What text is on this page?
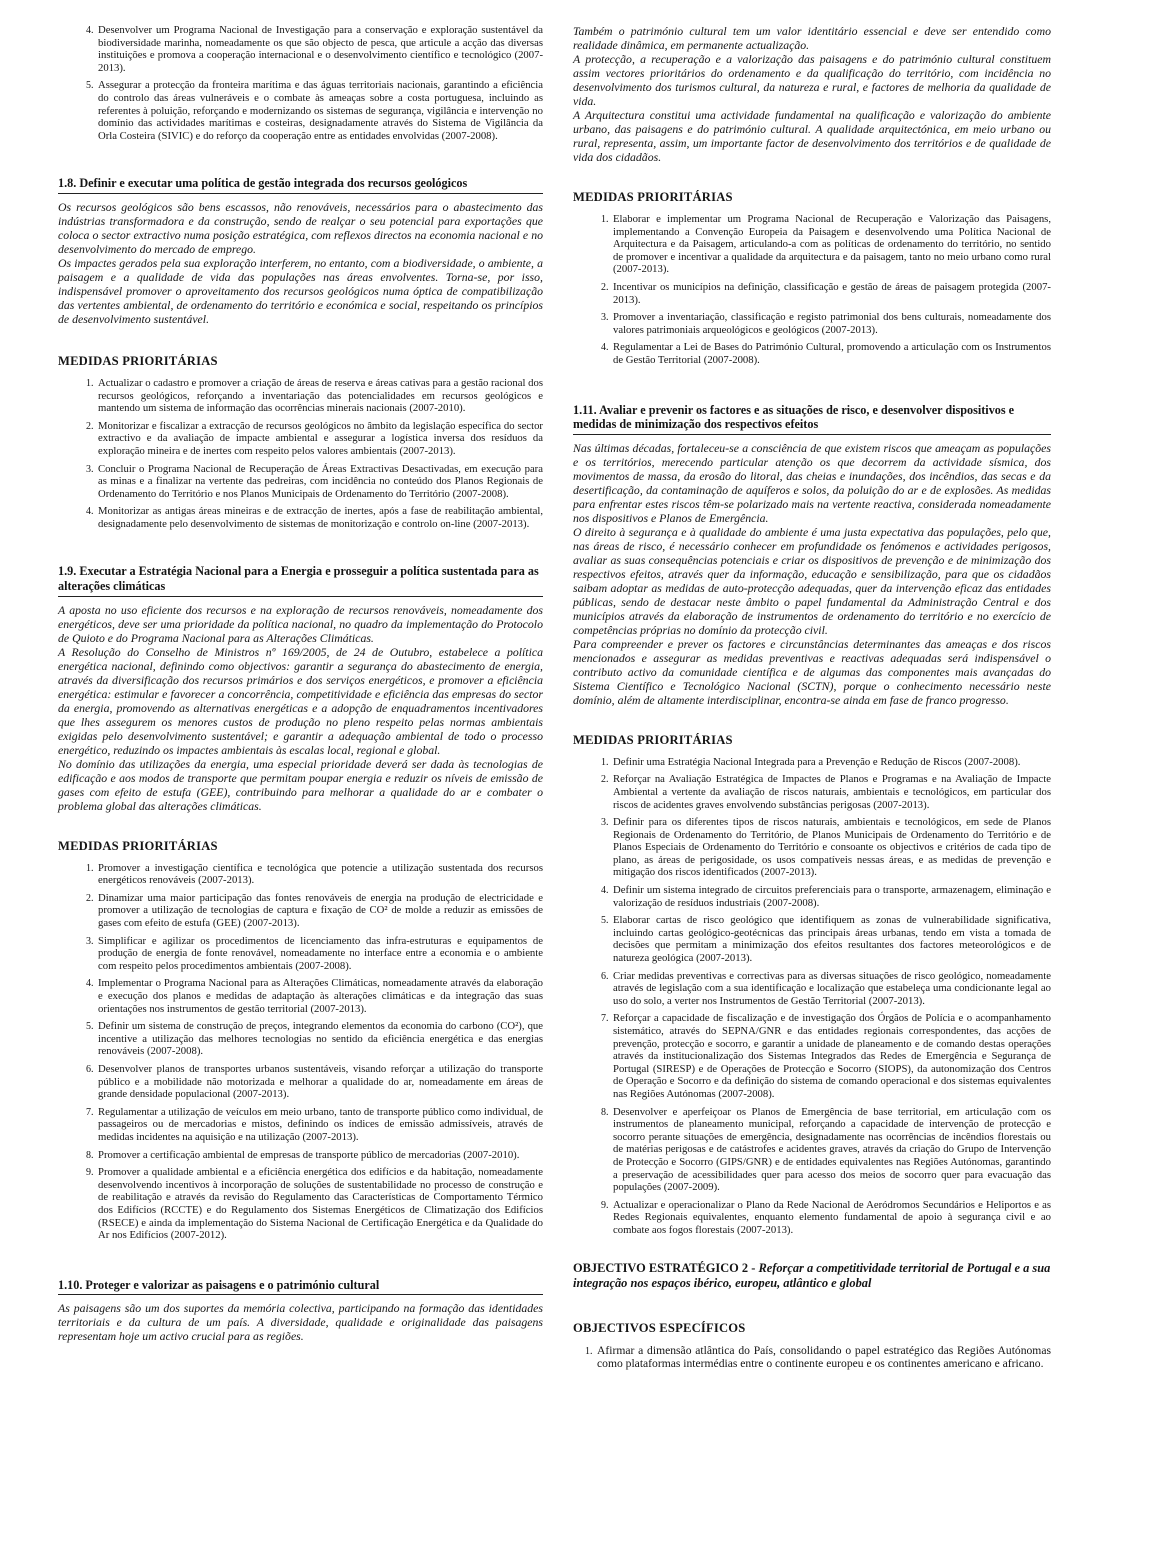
4. Desenvolver um Programa Nacional de Investigação para a conservação e exploração sustentável da biodiversidade marinha, nomeadamente os que são objecto de pesca, que articule a acção das diversas instituições e promova a cooperação internacional e o desenvolvimento científico e tecnológico (2007-2013).
5. Assegurar a protecção da fronteira marítima e das águas territoriais nacionais, garantindo a eficiência do controlo das áreas vulneráveis e o combate às ameaças sobre a costa portuguesa, incluindo as referentes à poluição, reforçando e modernizando os sistemas de segurança, vigilância e intervenção no domínio das actividades marítimas e costeiras, designadamente através do Sistema de Vigilância da Orla Costeira (SIVIC) e do reforço da cooperação entre as entidades envolvidas (2007-2008).
1.8. Definir e executar uma política de gestão integrada dos recursos geológicos

Os recursos geológicos são bens escassos, não renováveis, necessários para o abastecimento das indústrias transformadora e da construção, sendo de realçar o seu potencial para exportações que coloca o sector extractivo numa posição estratégica, com reflexos directos na economia nacional e no desenvolvimento do mercado de emprego.

Os impactes gerados pela sua exploração interferem, no entanto, com a biodiversidade, o ambiente, a paisagem e a qualidade de vida das populações nas áreas envolventes. Torna-se, por isso, indispensável promover o aproveitamento dos recursos geológicos numa óptica de compatibilização das vertentes ambiental, de ordenamento do território e económica e social, respeitando os princípios de desenvolvimento sustentável.

MEDIDAS PRIORITÁRIAS
1. Actualizar o cadastro e promover a criação de áreas de reserva e áreas cativas para a gestão racional dos recursos geológicos, reforçando a inventariação das potencialidades em recursos geológicos e mantendo um sistema de informação das ocorrências minerais nacionais (2007-2010).
2. Monitorizar e fiscalizar a extracção de recursos geológicos no âmbito da legislação específica do sector extractivo e da avaliação de impacte ambiental e assegurar a logística inversa dos resíduos da exploração mineira e de inertes com respeito pelos valores ambientais (2007-2013).
3. Concluir o Programa Nacional de Recuperação de Áreas Extractivas Desactivadas, em execução para as minas e a finalizar na vertente das pedreiras, com incidência no conteúdo dos Planos Regionais de Ordenamento do Território e nos Planos Municipais de Ordenamento do Território (2007-2008).
4. Monitorizar as antigas áreas mineiras e de extracção de inertes, após a fase de reabilitação ambiental, designadamente pelo desenvolvimento de sistemas de monitorização e controlo on-line (2007-2013).
1.9. Executar a Estratégia Nacional para a Energia e prosseguir a política sustentada para as alterações climáticas

A aposta no uso eficiente dos recursos e na exploração de recursos renováveis, nomeadamente dos energéticos, deve ser uma prioridade da política nacional, no quadro da implementação do Protocolo de Quioto e do Programa Nacional para as Alterações Climáticas.

A Resolução do Conselho de Ministros nº 169/2005, de 24 de Outubro, estabelece a política energética nacional, definindo como objectivos: garantir a segurança do abastecimento de energia, através da diversificação dos recursos primários e dos serviços energéticos, e promover a eficiência energética: estimular e favorecer a concorrência, competitividade e eficiência das empresas do sector da energia, promovendo as alternativas energéticas e a adopção de enquadramentos incentivadores que lhes assegurem os menores custos de produção no pleno respeito pelas normas ambientais exigidas pelo desenvolvimento sustentável; e garantir a adequação ambiental de todo o processo energético, reduzindo os impactes ambientais às escalas local, regional e global.

No domínio das utilizações da energia, uma especial prioridade deverá ser dada às tecnologias de edificação e aos modos de transporte que permitam poupar energia e reduzir os níveis de emissão de gases com efeito de estufa (GEE), contribuindo para melhorar a qualidade do ar e combater o problema global das alterações climáticas.

MEDIDAS PRIORITÁRIAS
1. Promover a investigação científica e tecnológica que potencie a utilização sustentada dos recursos energéticos renováveis (2007-2013).
2. Dinamizar uma maior participação das fontes renováveis de energia na produção de electricidade e promover a utilização de tecnologias de captura e fixação de CO² de molde a reduzir as emissões de gases com efeito de estufa (GEE) (2007-2013).
3. Simplificar e agilizar os procedimentos de licenciamento das infra-estruturas e equipamentos de produção de energia de fonte renovável, nomeadamente no interface entre a economia e o ambiente com respeito pelos procedimentos ambientais (2007-2008).
4. Implementar o Programa Nacional para as Alterações Climáticas, nomeadamente através da elaboração e execução dos planos e medidas de adaptação às alterações climáticas e da integração das suas orientações nos instrumentos de gestão territorial (2007-2013).
5. Definir um sistema de construção de preços, integrando elementos da economia do carbono (CO²), que incentive a utilização das melhores tecnologias no sentido da eficiência energética e das energias renováveis (2007-2008).
6. Desenvolver planos de transportes urbanos sustentáveis, visando reforçar a utilização do transporte público e a mobilidade não motorizada e melhorar a qualidade do ar, nomeadamente em áreas de grande densidade populacional (2007-2013).
7. Regulamentar a utilização de veículos em meio urbano, tanto de transporte público como individual, de passageiros ou de mercadorias e mistos, definindo os índices de emissão admissíveis, através de medidas incidentes na aquisição e na utilização (2007-2013).
8. Promover a certificação ambiental de empresas de transporte público de mercadorias (2007-2010).
9. Promover a qualidade ambiental e a eficiência energética dos edifícios e da habitação, nomeadamente desenvolvendo incentivos à incorporação de soluções de sustentabilidade no processo de construção e de reabilitação e através da revisão do Regulamento das Características de Comportamento Térmico dos Edifícios (RCCTE) e do Regulamento dos Sistemas Energéticos de Climatização dos Edifícios (RSECE) e ainda da implementação do Sistema Nacional de Certificação Energética e da Qualidade do Ar nos Edifícios (2007-2012).
1.10. Proteger e valorizar as paisagens e o património cultural

As paisagens são um dos suportes da memória colectiva, participando na formação das identidades territoriais e da cultura de um país. A diversidade, qualidade e originalidade das paisagens representam hoje um activo crucial para as regiões.

Também o património cultural tem um valor identitário essencial e deve ser entendido como realidade dinâmica, em permanente actualização.

A protecção, a recuperação e a valorização das paisagens e do património cultural constituem assim vectores prioritários do ordenamento e da qualificação do território, com incidência no desenvolvimento dos turismos cultural, da natureza e rural, e factores de melhoria da qualidade de vida.

A Arquitectura constitui uma actividade fundamental na qualificação e valorização do ambiente urbano, das paisagens e do património cultural. A qualidade arquitectónica, em meio urbano ou rural, representa, assim, um importante factor de desenvolvimento dos territórios e de qualidade de vida dos cidadãos.

MEDIDAS PRIORITÁRIAS
1. Elaborar e implementar um Programa Nacional de Recuperação e Valorização das Paisagens, implementando a Convenção Europeia da Paisagem e desenvolvendo uma Política Nacional de Arquitectura e da Paisagem, articulando-a com as políticas de ordenamento do território, no sentido de promover e incentivar a qualidade da arquitectura e da paisagem, tanto no meio urbano como rural (2007-2013).
2. Incentivar os municípios na definição, classificação e gestão de áreas de paisagem protegida (2007-2013).
3. Promover a inventariação, classificação e registo patrimonial dos bens culturais, nomeadamente dos valores patrimoniais arqueológicos e geológicos (2007-2013).
4. Regulamentar a Lei de Bases do Património Cultural, promovendo a articulação com os Instrumentos de Gestão Territorial (2007-2008).
1.11. Avaliar e prevenir os factores e as situações de risco, e desenvolver dispositivos e medidas de minimização dos respectivos efeitos

Nas últimas décadas, fortaleceu-se a consciência de que existem riscos que ameaçam as populações e os territórios, merecendo particular atenção os que decorrem da actividade sísmica, dos movimentos de massa, da erosão do litoral, das cheias e inundações, dos incêndios, das secas e da desertificação, da contaminação de aquíferos e solos, da poluição do ar e de explosões. As medidas para enfrentar estes riscos têm-se polarizado mais na vertente reactiva, considerada nomeadamente nos dispositivos e Planos de Emergência.

O direito à segurança e à qualidade do ambiente é uma justa expectativa das populações, pelo que, nas áreas de risco, é necessário conhecer em profundidade os fenómenos e actividades perigosos, avaliar as suas consequências potenciais e criar os dispositivos de prevenção e de minimização dos respectivos efeitos, através quer da informação, educação e sensibilização, para que os cidadãos saibam adoptar as medidas de auto-protecção adequadas, quer da intervenção eficaz das entidades públicas, sendo de destacar neste âmbito o papel fundamental da Administração Central e dos municípios através da elaboração de instrumentos de ordenamento do território e no exercício de competências próprias no domínio da protecção civil.

Para compreender e prever os factores e circunstâncias determinantes das ameaças e dos riscos mencionados e assegurar as medidas preventivas e reactivas adequadas será indispensável o contributo activo da comunidade científica e de algumas das componentes mais avançadas do Sistema Científico e Tecnológico Nacional (SCTN), porque o conhecimento necessário neste domínio, além de altamente interdisciplinar, encontra-se ainda em fase de franco progresso.

MEDIDAS PRIORITÁRIAS
1. Definir uma Estratégia Nacional Integrada para a Prevenção e Redução de Riscos (2007-2008).
2. Reforçar na Avaliação Estratégica de Impactes de Planos e Programas e na Avaliação de Impacte Ambiental a vertente da avaliação de riscos naturais, ambientais e tecnológicos, em particular dos riscos de acidentes graves envolvendo substâncias perigosas (2007-2013).
3. Definir para os diferentes tipos de riscos naturais, ambientais e tecnológicos, em sede de Planos Regionais de Ordenamento do Território, de Planos Municipais de Ordenamento do Território e de Planos Especiais de Ordenamento do Território e consoante os objectivos e critérios de cada tipo de plano, as áreas de perigosidade, os usos compatíveis nessas áreas, e as medidas de prevenção e mitigação dos riscos identificados (2007-2013).
4. Definir um sistema integrado de circuitos preferenciais para o transporte, armazenagem, eliminação e valorização de resíduos industriais (2007-2008).
5. Elaborar cartas de risco geológico que identifiquem as zonas de vulnerabilidade significativa, incluindo cartas geológico-geotécnicas das principais áreas urbanas, tendo em vista a tomada de decisões que permitam a minimização dos efeitos resultantes dos factores meteorológicos e de natureza geológica (2007-2013).
6. Criar medidas preventivas e correctivas para as diversas situações de risco geológico, nomeadamente através de legislação com a sua identificação e localização que estabeleça uma condicionante legal ao uso do solo, a verter nos Instrumentos de Gestão Territorial (2007-2013).
7. Reforçar a capacidade de fiscalização e de investigação dos Órgãos de Polícia e o acompanhamento sistemático, através do SEPNA/GNR e das entidades regionais correspondentes, das acções de prevenção, protecção e socorro, e garantir a unidade de planeamento e de comando destas operações através da institucionalização dos Sistemas Integrados das Redes de Emergência e Segurança de Portugal (SIRESP) e de Operações de Protecção e Socorro (SIOPS), da autonomização dos Centros de Operação e Socorro e da definição do sistema de comando operacional e dos sistemas equivalentes nas Regiões Autónomas (2007-2008).
8. Desenvolver e aperfeiçoar os Planos de Emergência de base territorial, em articulação com os instrumentos de planeamento municipal, reforçando a capacidade de intervenção de protecção e socorro perante situações de emergência, designadamente nas ocorrências de incêndios florestais ou de matérias perigosas e de catástrofes e acidentes graves, através da criação do Grupo de Intervenção de Protecção e Socorro (GIPS/GNR) e de entidades equivalentes nas Regiões Autónomas, garantindo a preservação de acessibilidades quer para acesso dos meios de socorro quer para evacuação das populações (2007-2009).
9. Actualizar e operacionalizar o Plano da Rede Nacional de Aeródromos Secundários e Heliportos e as Redes Regionais equivalentes, enquanto elemento fundamental de apoio à segurança civil e ao combate aos fogos florestais (2007-2013).
OBJECTIVO ESTRATÉGICO 2 - Reforçar a competitividade territorial de Portugal e a sua integração nos espaços ibérico, europeu, atlântico e global
OBJECTIVOS ESPECÍFICOS
1. Afirmar a dimensão atlântica do País, consolidando o papel estratégico das Regiões Autónomas como plataformas intermédias entre o continente europeu e os continentes americano e africano.
